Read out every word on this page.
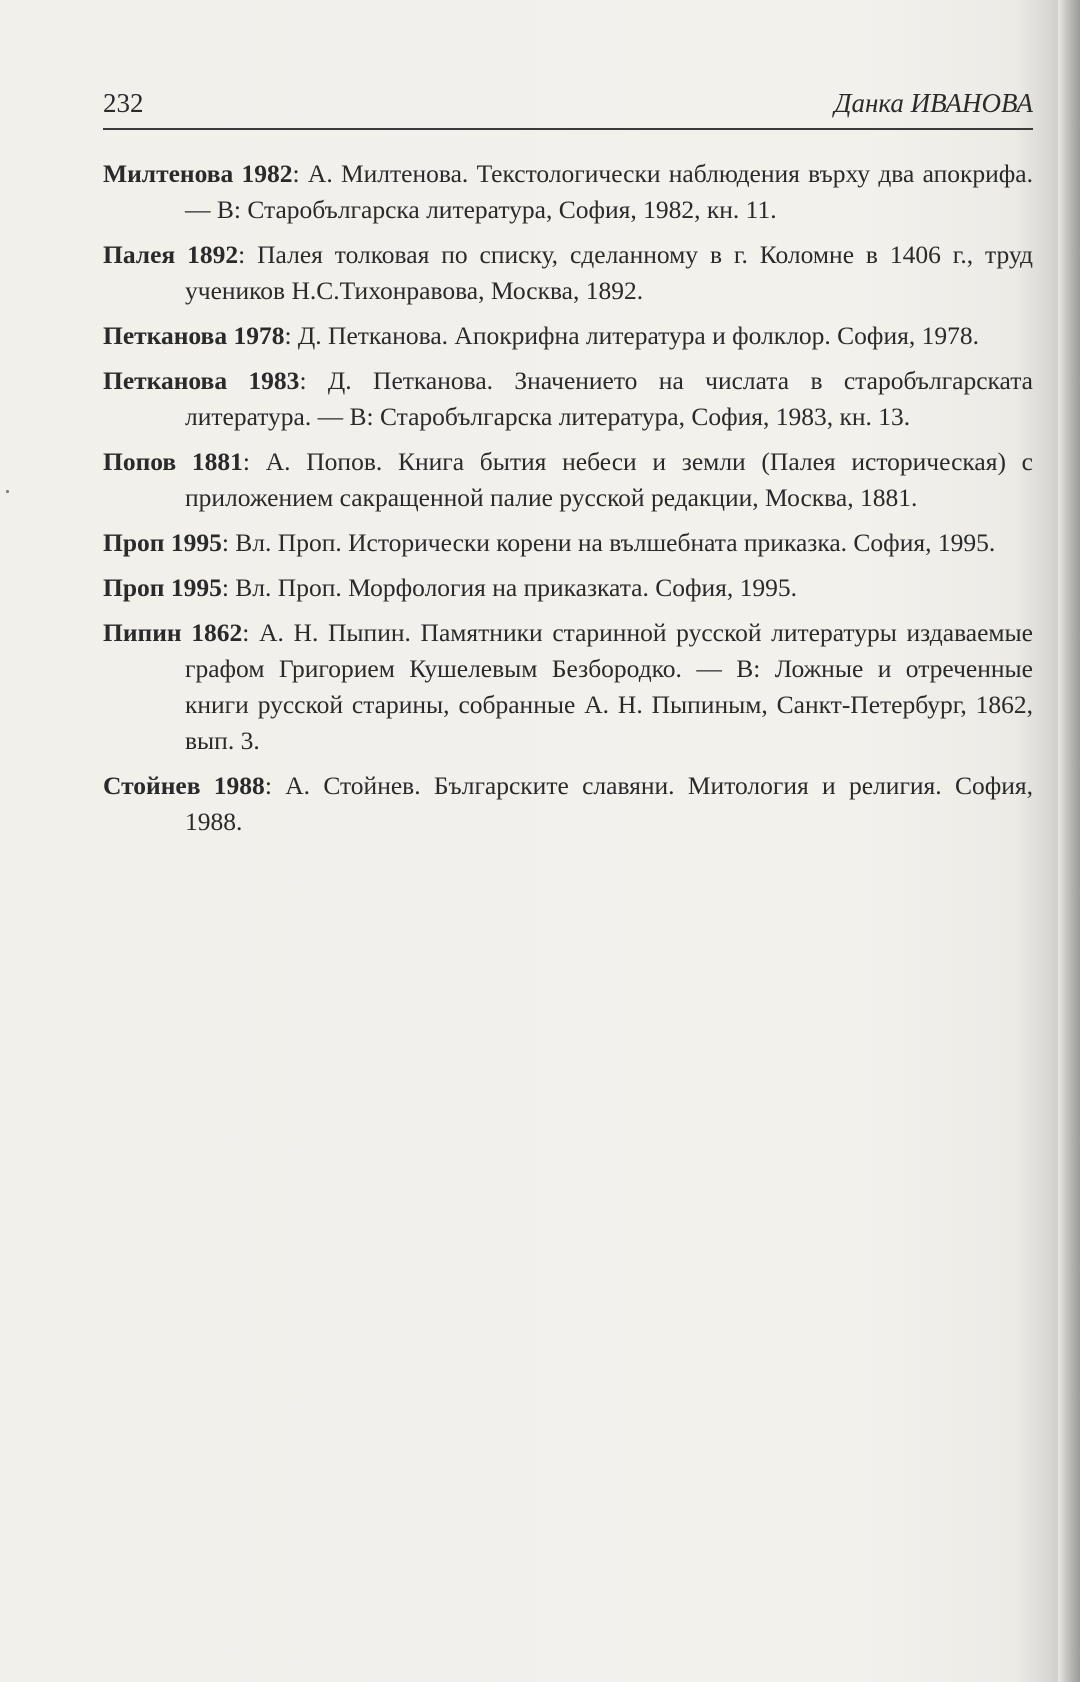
232	Данка ИВАНОВА
Милтенова 1982: А. Милтенова. Текстологически наблюдения върху два апокрифа. — В: Старобългарска литература, София, 1982, кн. 11.
Палея 1892: Палея толковая по списку, сделанному в г. Коломне в 1406 г., труд учеников Н.С.Тихонравова, Москва, 1892.
Петканова 1978: Д. Петканова. Апокрифна литература и фолклор. София, 1978.
Петканова 1983: Д. Петканова. Значението на числата в старобългарската литература. — В: Старобългарска литература, София, 1983, кн. 13.
Попов 1881: А. Попов. Книга бытия небеси и земли (Палея историческая) с приложением сакращенной палие русской редакции, Москва, 1881.
Проп 1995: Вл. Проп. Исторически корени на вълшебната приказка. София, 1995.
Проп 1995: Вл. Проп. Морфология на приказката. София, 1995.
Пипин 1862: А. Н. Пыпин. Памятники старинной русской литературы издаваемые графом Григорием Кушелевым Безбородко. — В: Ложные и отреченные книги русской старины, собранные А. Н. Пыпиным, Санкт-Петербург, 1862, вып. 3.
Стойнев 1988: А. Стойнев. Българските славяни. Митология и религия. София, 1988.
